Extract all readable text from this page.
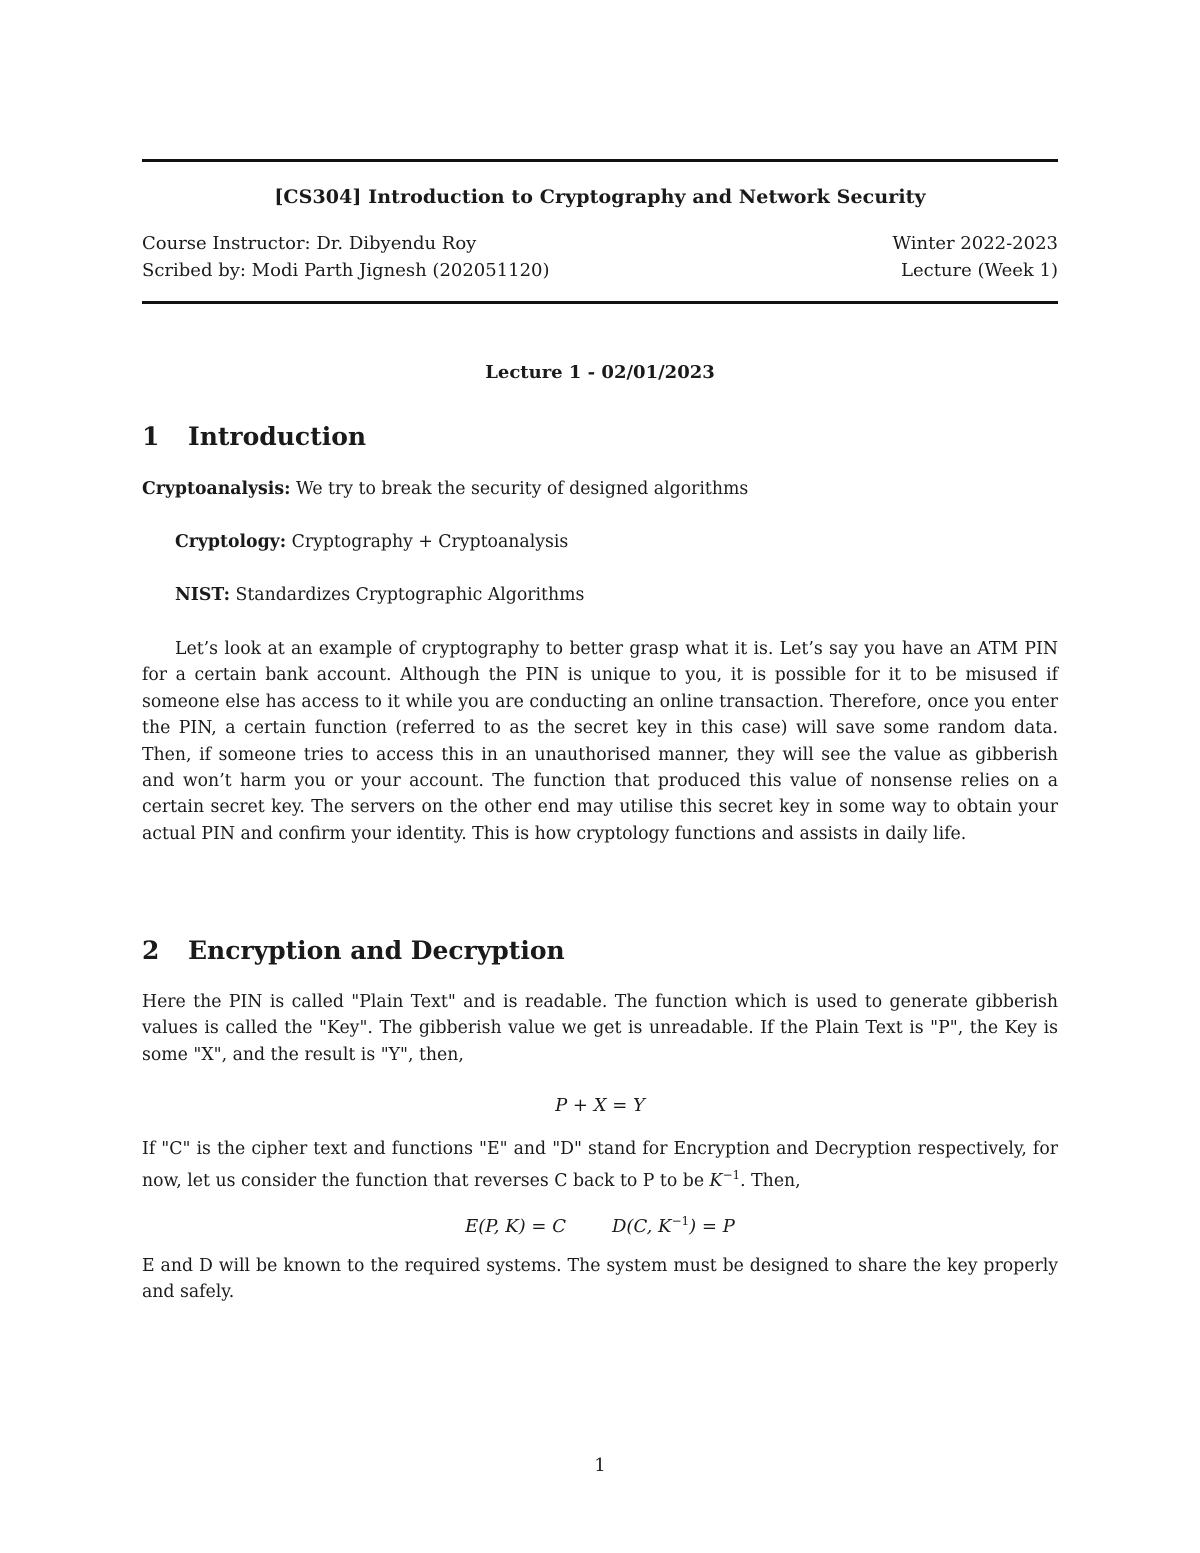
[CS304] Introduction to Cryptography and Network Security
Course Instructor: Dr. Dibyendu Roy	Winter 2022-2023
Scribed by: Modi Parth Jignesh (202051120)	Lecture (Week 1)
Lecture 1 - 02/01/2023
1 Introduction
Cryptoanalysis: We try to break the security of designed algorithms
Cryptology: Cryptography + Cryptoanalysis
NIST: Standardizes Cryptographic Algorithms
Let’s look at an example of cryptography to better grasp what it is. Let’s say you have an ATM PIN for a certain bank account. Although the PIN is unique to you, it is possible for it to be misused if someone else has access to it while you are conducting an online transaction. Therefore, once you enter the PIN, a certain function (referred to as the secret key in this case) will save some random data. Then, if someone tries to access this in an unauthorised manner, they will see the value as gibberish and won’t harm you or your account. The function that produced this value of nonsense relies on a certain secret key. The servers on the other end may utilise this secret key in some way to obtain your actual PIN and confirm your identity. This is how cryptology functions and assists in daily life.
2 Encryption and Decryption
Here the PIN is called "Plain Text" and is readable. The function which is used to generate gibberish values is called the "Key". The gibberish value we get is unreadable. If the Plain Text is "P", the Key is some "X", and the result is "Y", then,
P + X = Y
If "C" is the cipher text and functions "E" and "D" stand for Encryption and Decryption respectively, for now, let us consider the function that reverses C back to P to be $K^{-1}$. Then,
E(P, K) = C	D(C, $K^{-1}) = P$
E and D will be known to the required systems. The system must be designed to share the key properly and safely.
1
